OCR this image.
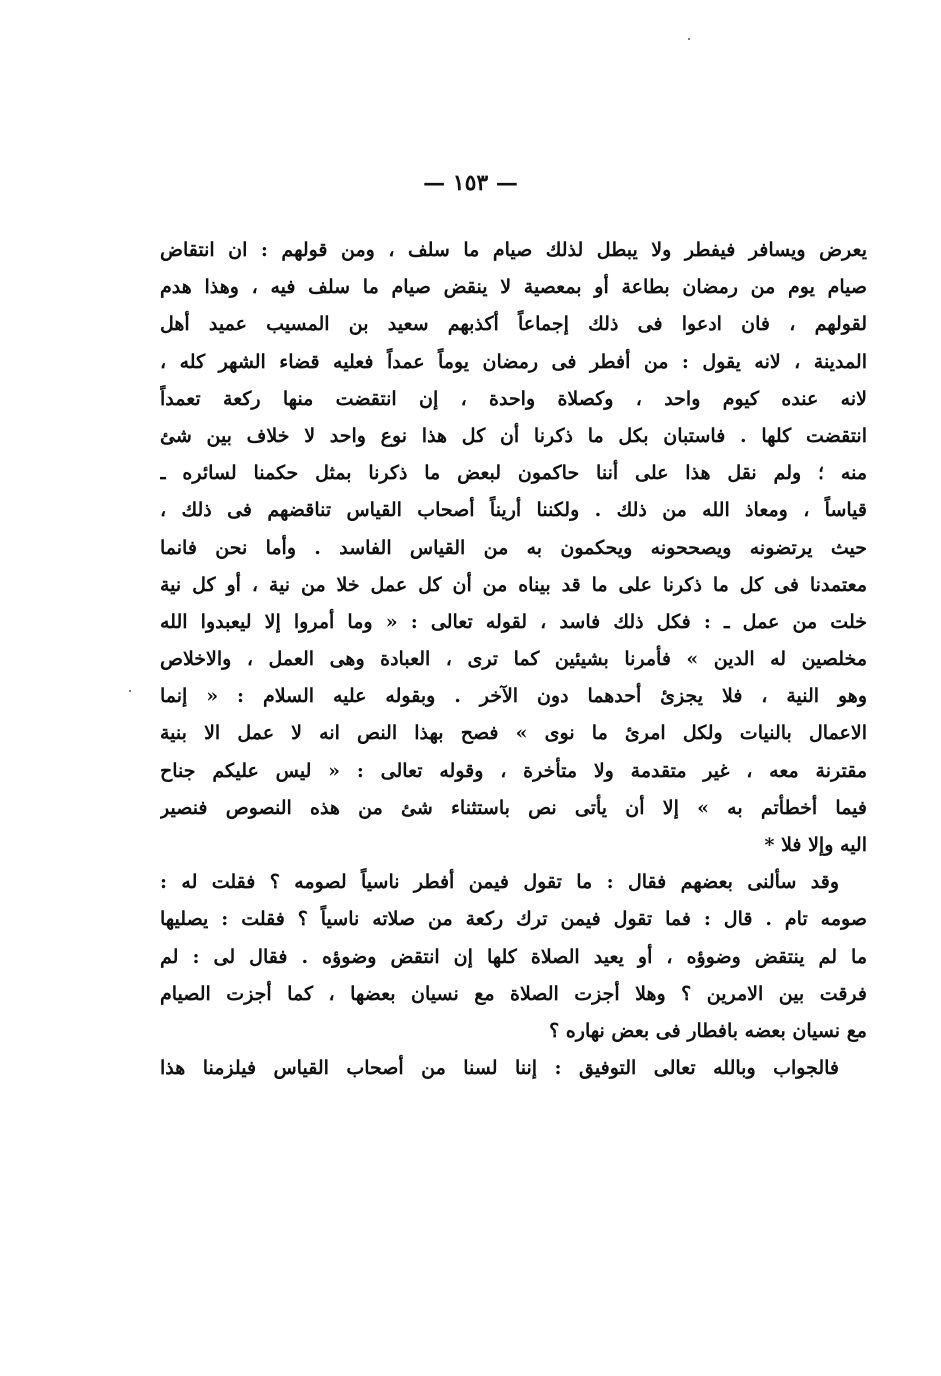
— ١٥٣ —
يعرض ويسافر فيفطر ولا يبطل لذلك صيام ما سلف ، ومن قولهم : ان انتقاض
صيام يوم من رمضان بطاعة أو بمعصية لا ينقض صيام ما سلف فيه ، وهذا هدم
لقولهم ، فان ادعوا فى ذلك إجماعاً أكذبهم سعيد بن المسيب عميد أهل
المدينة ، لانه يقول : من أفطر فى رمضان يوماً عمداً فعليه قضاء الشهر كله ،
لانه عنده كيوم واحد ، وكصلاة واحدة ، إن انتقضت منها ركعة تعمداً
انتقضت كلها . فاستبان بكل ما ذكرنا أن كل هذا نوع واحد لا خلاف بين شئ
منه ؛ ولم نقل هذا على أننا حاكمون لبعض ما ذكرنا بمثل حكمنا لسائره ـ
قياساً ، ومعاذ الله من ذلك . ولكننا أريناً أصحاب القياس تناقضهم فى ذلك ،
حيث يرتضونه ويصححونه ويحكمون به من القياس الفاسد . وأما نحن فانما
معتمدنا فى كل ما ذكرنا على ما قد بيناه من أن كل عمل خلا من نية ، أو كل نية
خلت من عمل ـ : فكل ذلك فاسد ، لقوله تعالى : « وما أمروا إلا ليعبدوا الله
مخلصين له الدين » فأمرنا بشيئين كما ترى ، العبادة وهى العمل ، والاخلاص
وهو النية ، فلا يجزئ أحدهما دون الآخر . وبقوله عليه السلام : « إنما
الاعمال بالنيات ولكل امرئ ما نوى » فصح بهذا النص انه لا عمل الا بنية
مقترنة معه ، غير متقدمة ولا متأخرة ، وقوله تعالى : « ليس عليكم جناح
فيما أخطأتم به » إلا أن يأتى نص باستثناء شئ من هذه النصوص فنصير
اليه وإلا فلا *
وقد سألنى بعضهم فقال : ما تقول فيمن أفطر ناسياً لصومه ؟ فقلت له :
صومه تام . قال : فما تقول فيمن ترك ركعة من صلاته ناسياً ؟ فقلت : يصليها
ما لم ينتقض وضوؤه ، أو يعيد الصلاة كلها إن انتقض وضوؤه . فقال لى : لم
فرقت بين الامرين ؟ وهلا أجزت الصلاة مع نسيان بعضها ، كما أجزت الصيام
مع نسيان بعضه بافطار فى بعض نهاره ؟
فالجواب وبالله تعالى التوفيق : إننا لسنا من أصحاب القياس فيلزمنا هذا
